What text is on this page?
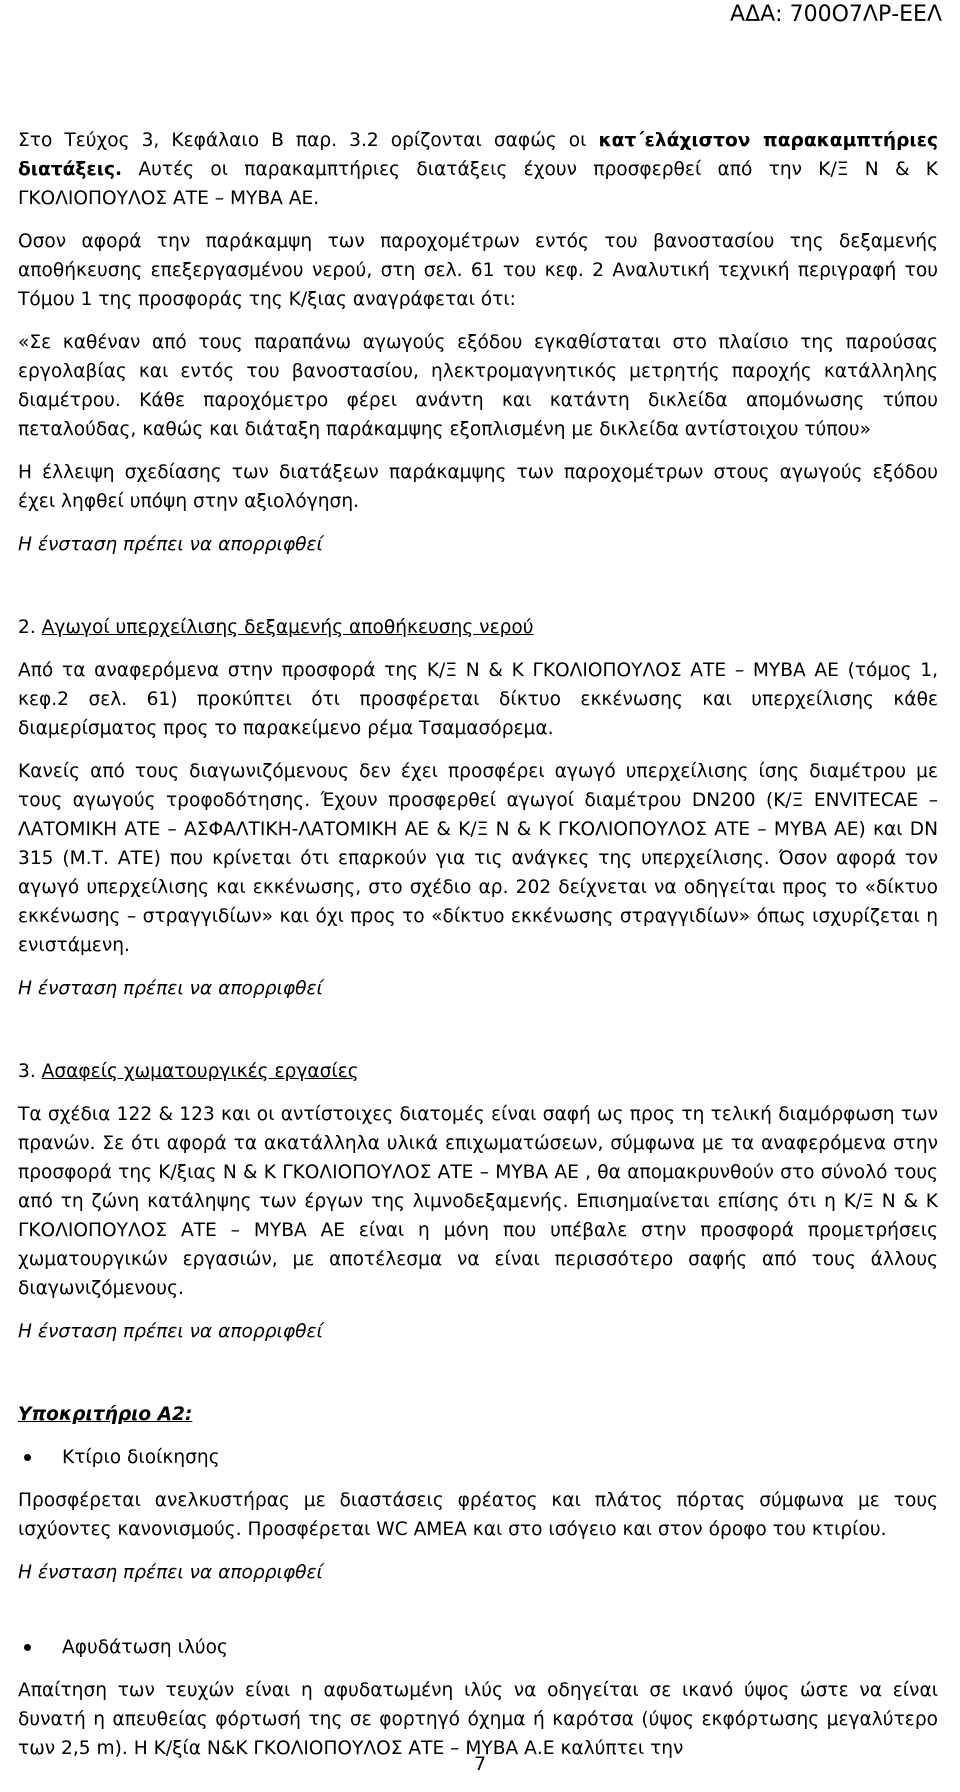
ΑΔΑ: 700Ο7ΛΡ-ΕΕΛ

Στο Τεύχος 3, Κεφάλαιο Β παρ. 3.2 ορίζονται σαφώς οι κατ΄ελάχιστον παρακαμπτήριες διατάξεις. Αυτές οι παρακαμπτήριες διατάξεις έχουν προσφερθεί από την Κ/Ξ Ν & Κ ΓΚΟΛΙΟΠΟΥΛΟΣ ΑΤΕ – ΜΥΒΑ ΑΕ.

Οσον αφορά την παράκαμψη των παροχομέτρων εντός του βανοστασίου της δεξαμενής αποθήκευσης επεξεργασμένου νερού, στη σελ. 61 του κεφ. 2 Αναλυτική τεχνική περιγραφή του Τόμου 1 της προσφοράς της Κ/ξιας αναγράφεται ότι:

«Σε καθέναν από τους παραπάνω αγωγούς εξόδου εγκαθίσταται στο πλαίσιο της παρούσας εργολαβίας και εντός του βανοστασίου, ηλεκτρομαγνητικός μετρητής παροχής κατάλληλης διαμέτρου. Κάθε παροχόμετρο φέρει ανάντη και κατάντη δικλείδα απομόνωσης τύπου πεταλούδας, καθώς και διάταξη παράκαμψης εξοπλισμένη με δικλείδα αντίστοιχου τύπου»

Η έλλειψη σχεδίασης των διατάξεων παράκαμψης των παροχομέτρων στους αγωγούς εξόδου έχει ληφθεί υπόψη στην αξιολόγηση.

Η ένσταση πρέπει να απορριφθεί

2. Αγωγοί υπερχείλισης δεξαμενής αποθήκευσης νερού

Από τα αναφερόμενα στην προσφορά της Κ/Ξ Ν & Κ ΓΚΟΛΙΟΠΟΥΛΟΣ ΑΤΕ – ΜΥΒΑ ΑΕ (τόμος 1, κεφ.2 σελ. 61) προκύπτει ότι προσφέρεται δίκτυο εκκένωσης και υπερχείλισης κάθε διαμερίσματος προς το παρακείμενο ρέμα Τσαμασόρεμα.

Κανείς από τους διαγωνιζόμενους δεν έχει προσφέρει αγωγό υπερχείλισης ίσης διαμέτρου με τους αγωγούς τροφοδότησης. Έχουν προσφερθεί αγωγοί διαμέτρου DN200 (Κ/Ξ ENVITECAE – ΛΑΤΟΜΙΚΗ ΑΤΕ – ΑΣΦΑΛΤΙΚΗ-ΛΑΤΟΜΙΚΗ ΑΕ & Κ/Ξ Ν & Κ ΓΚΟΛΙΟΠΟΥΛΟΣ ΑΤΕ – ΜΥΒΑ ΑΕ) και DN 315 (Μ.Τ. ΑΤΕ) που κρίνεται ότι επαρκούν για τις ανάγκες της υπερχείλισης. Όσον αφορά τον αγωγό υπερχείλισης και εκκένωσης, στο σχέδιο αρ. 202 δείχνεται να οδηγείται προς το «δίκτυο εκκένωσης – στραγγιδίων» και όχι προς το «δίκτυο εκκένωσης στραγγιδίων» όπως ισχυρίζεται η ενιστάμενη.

Η ένσταση πρέπει να απορριφθεί

3. Ασαφείς χωματουργικές εργασίες

Τα σχέδια 122 & 123 και οι αντίστοιχες διατομές είναι σαφή ως προς τη τελική διαμόρφωση των πρανών. Σε ότι αφορά τα ακατάλληλα υλικά επιχωματώσεων, σύμφωνα με τα αναφερόμενα στην προσφορά της Κ/ξιας Ν & Κ ΓΚΟΛΙΟΠΟΥΛΟΣ ΑΤΕ – ΜΥΒΑ ΑΕ , θα απομακρυνθούν στο σύνολό τους από τη ζώνη κατάληψης των έργων της λιμνοδεξαμενής. Επισημαίνεται επίσης ότι η Κ/Ξ Ν & Κ ΓΚΟΛΙΟΠΟΥΛΟΣ ΑΤΕ – ΜΥΒΑ ΑΕ είναι η μόνη που υπέβαλε στην προσφορά προμετρήσεις χωματουργικών εργασιών, με αποτέλεσμα να είναι περισσότερο σαφής από τους άλλους διαγωνιζόμενους.

Η ένσταση πρέπει να απορριφθεί

Υποκριτήριο Α2:

Κτίριο διοίκησης

Προσφέρεται ανελκυστήρας με διαστάσεις φρέατος και πλάτος πόρτας σύμφωνα με τους ισχύοντες κανονισμούς. Προσφέρεται WC ΑΜΕΑ και στο ισόγειο και στον όροφο του κτιρίου.

Η ένσταση πρέπει να απορριφθεί

Αφυδάτωση ιλύος

Απαίτηση των τευχών είναι η αφυδατωμένη ιλύς να οδηγείται σε ικανό ύψος ώστε να είναι δυνατή η απευθείας φόρτωσή της σε φορτηγό όχημα ή καρότσα (ύψος εκφόρτωσης μεγαλύτερο των 2,5 m). Η Κ/ξία Ν&Κ ΓΚΟΛΙΟΠΟΥΛΟΣ ΑΤΕ – ΜΥΒΑ Α.Ε καλύπτει την

7
